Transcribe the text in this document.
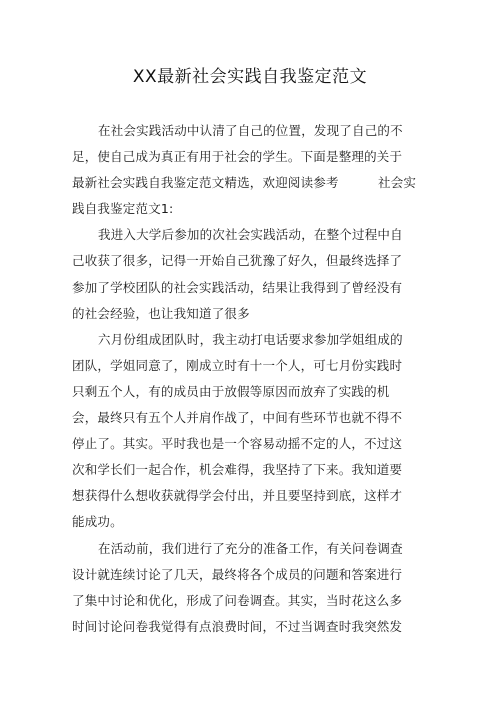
XX最新社会实践自我鉴定范文
在社会实践活动中认清了自己的位置，发现了自己的不
足，使自己成为真正有用于社会的学生。下面是整理的关于
最新社会实践自我鉴定范文精选，欢迎阅读参考	社会实
践自我鉴定范文1:
我进入大学后参加的次社会实践活动，在整个过程中自
己收获了很多，记得一开始自己犹豫了好久，但最终选择了
参加了学校团队的社会实践活动，结果让我得到了曾经没有
的社会经验，也让我知道了很多
六月份组成团队时，我主动打电话要求参加学姐组成的
团队，学姐同意了，刚成立时有十一个人，可七月份实践时
只剩五个人，有的成员由于放假等原因而放弃了实践的机
会，最终只有五个人并肩作战了，中间有些环节也就不得不
停止了。其实。平时我也是一个容易动摇不定的人，不过这
次和学长们一起合作，机会难得，我坚持了下来。我知道要
想获得什么想收获就得学会付出，并且要坚持到底，这样才
能成功。
在活动前，我们进行了充分的准备工作，有关问卷调查
设计就连续讨论了几天，最终将各个成员的问题和答案进行
了集中讨论和优化，形成了问卷调查。其实，当时花这么多
时间讨论问卷我觉得有点浪费时间，不过当调查时我突然发
